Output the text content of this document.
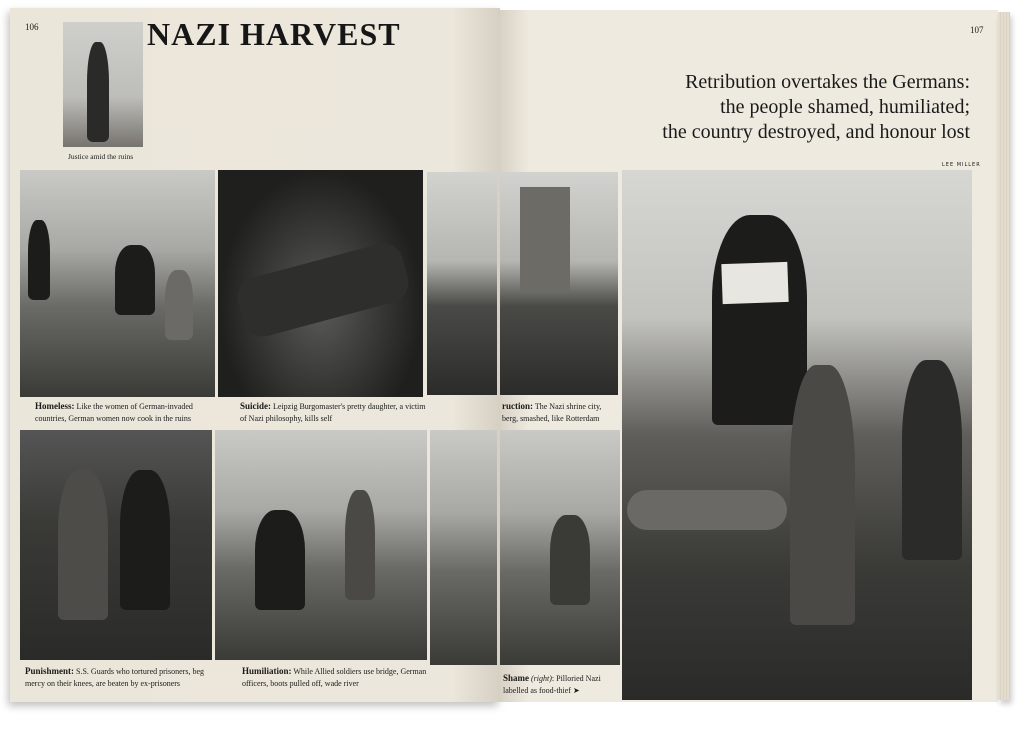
106	107
NAZI HARVEST
Justice amid the ruins
Homeless: Like the women of German-invaded countries, German women now cook in the ruins
Suicide: Leipzig Burgomaster's pretty daughter, a victim of Nazi philosophy, kills self
ruction: The Nazi shrine city, berg, smashed, like Rotterdam
Punishment: S.S. Guards who tortured prisoners, beg mercy on their knees, are beaten by ex-prisoners
Humiliation: While Allied soldiers use bridge, German officers, boots pulled off, wade river
Shame (right): Pilloried Nazi labelled as food-thief ➤
Retribution overtakes the Germans:
the people shamed, humiliated;
the country destroyed, and honour lost
LEE MILLER
